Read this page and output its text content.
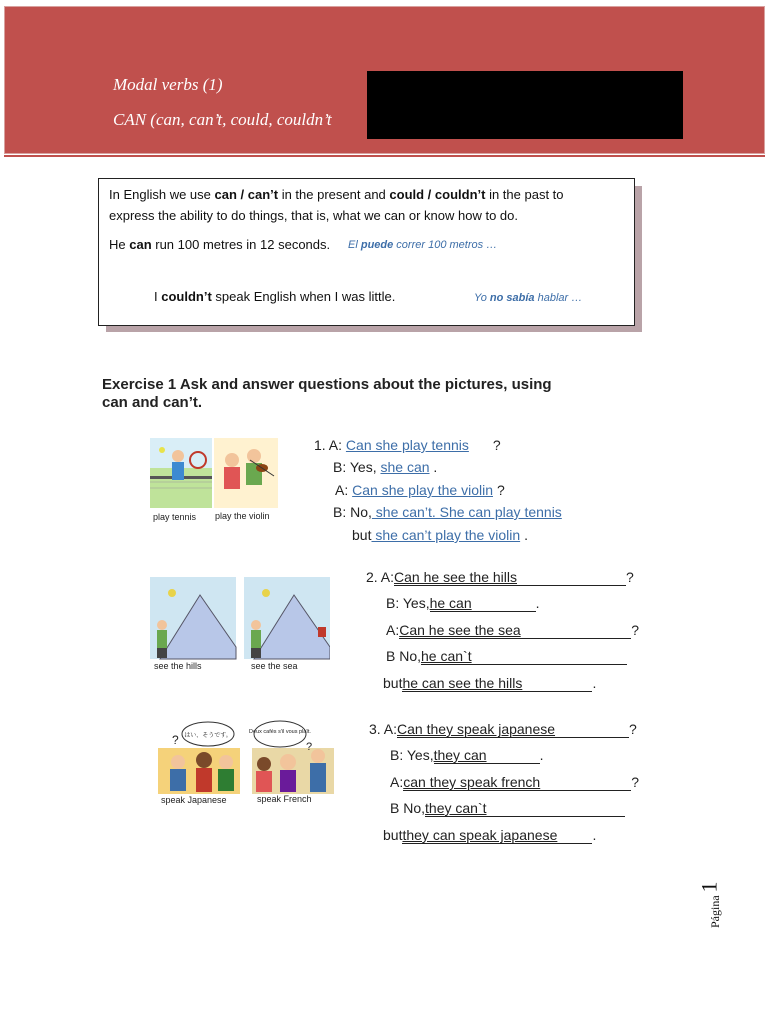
Modal verbs (1)
CAN (can, can’t, could, couldn’t
In English we use can / can’t in the present and could / couldn’t in the past to
express the ability to do things, that is, what we can or know how to do.
He can run 100 metres in 12 seconds. El puede correr 100 metros …
I couldn’t speak English when I was little.	Yo no sabía hablar …
Exercise 1 Ask and answer questions about the pictures, using
can and can’t.
play tennis play the violin
see the hills	see the sea
はい、そうです。
?
Deux cafés s'il vous plaît.
?
speak Japanese	speak French
1. A: Can she play tennis ?
B: Yes, she can .
A: Can she play the violin ?
B: No, she can’t. She can play tennis
but she can’t play the violin .
2. A:Can he see the hills	?
B: Yes,he can	.
A:Can he see the sea	?
B No,he can`t
buthe can see the hills	.
3. A:Can they speak japanese	?
B: Yes,they can	.
A:can they speak french	?
B No,they can`t
butthey can speak japanese	.
Página
1
